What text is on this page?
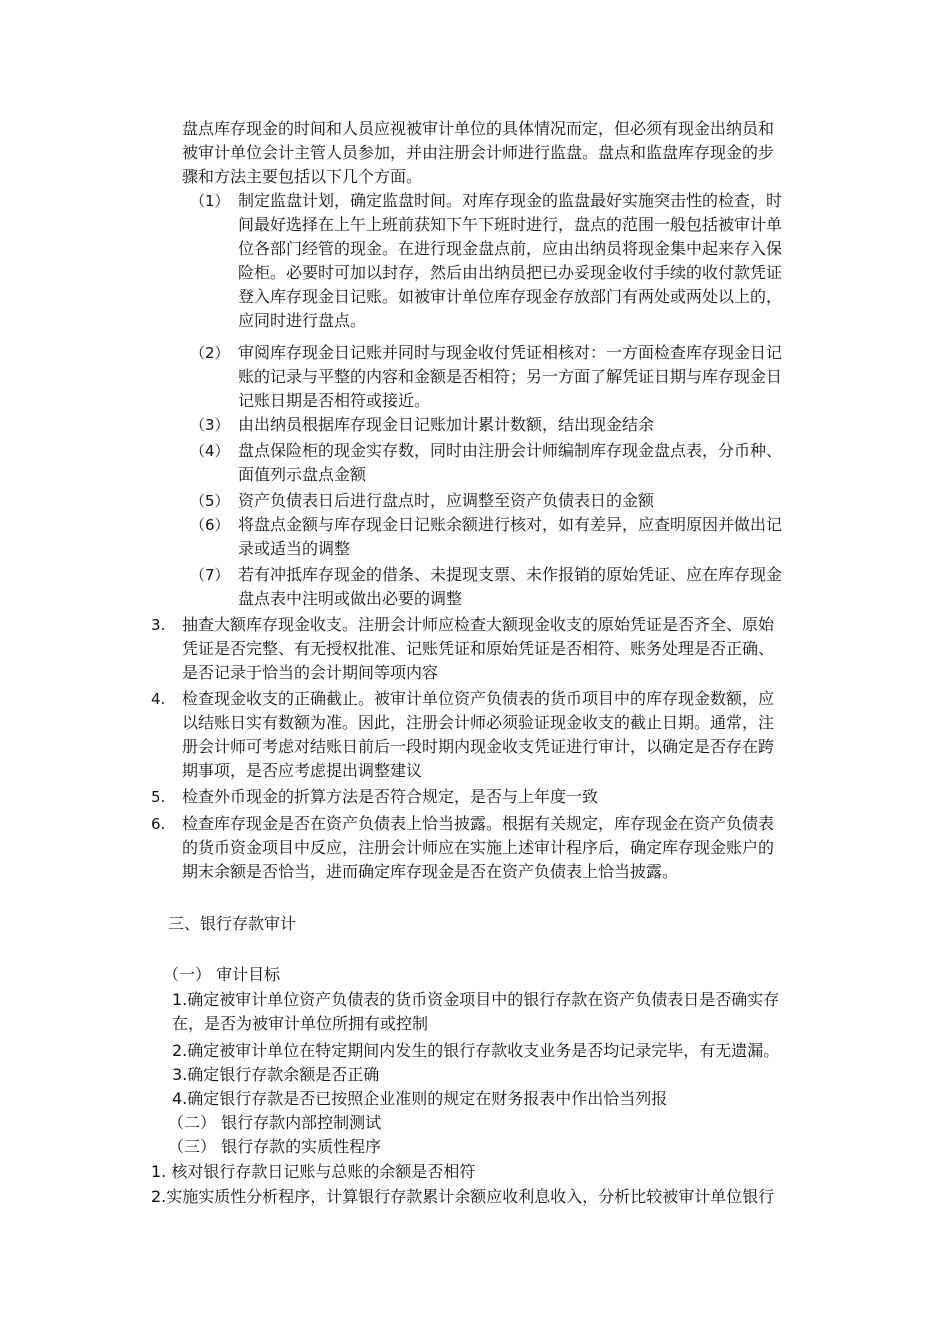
盘点库存现金的时间和人员应视被审计单位的具体情况而定，但必须有现金出纳员和
被审计单位会计主管人员参加，并由注册会计师进行监盘。盘点和监盘库存现金的步
骤和方法主要包括以下几个方面。
（1） 制定监盘计划，确定监盘时间。对库存现金的监盘最好实施突击性的检查，时
间最好选择在上午上班前获知下午下班时进行，盘点的范围一般包括被审计单
位各部门经管的现金。在进行现金盘点前，应由出纳员将现金集中起来存入保
险柜。必要时可加以封存，然后由出纳员把已办妥现金收付手续的收付款凭证
登入库存现金日记账。如被审计单位库存现金存放部门有两处或两处以上的，
应同时进行盘点。
（2） 审阅库存现金日记账并同时与现金收付凭证相核对：一方面检查库存现金日记
账的记录与平整的内容和金额是否相符；另一方面了解凭证日期与库存现金日
记账日期是否相符或接近。
（3） 由出纳员根据库存现金日记账加计累计数额，结出现金结余
（4） 盘点保险柜的现金实存数，同时由注册会计师编制库存现金盘点表，分币种、
面值列示盘点金额
（5） 资产负债表日后进行盘点时，应调整至资产负债表日的金额
（6） 将盘点金额与库存现金日记账余额进行核对，如有差异，应查明原因并做出记
录或适当的调整
（7） 若有冲抵库存现金的借条、未提现支票、未作报销的原始凭证、应在库存现金
盘点表中注明或做出必要的调整
3. 抽查大额库存现金收支。注册会计师应检查大额现金收支的原始凭证是否齐全、原始
凭证是否完整、有无授权批准、记账凭证和原始凭证是否相符、账务处理是否正确、
是否记录于恰当的会计期间等项内容
4. 检查现金收支的正确截止。被审计单位资产负债表的货币项目中的库存现金数额，应
以结账日实有数额为准。因此，注册会计师必须验证现金收支的截止日期。通常，注
册会计师可考虑对结账日前后一段时期内现金收支凭证进行审计，以确定是否存在跨
期事项，是否应考虑提出调整建议
5. 检查外币现金的折算方法是否符合规定，是否与上年度一致
6. 检查库存现金是否在资产负债表上恰当披露。根据有关规定，库存现金在资产负债表
的货币资金项目中反应，注册会计师应在实施上述审计程序后，确定库存现金账户的
期末余额是否恰当，进而确定库存现金是否在资产负债表上恰当披露。
三、银行存款审计
（一） 审计目标
1.确定被审计单位资产负债表的货币资金项目中的银行存款在资产负债表日是否确实存
在，是否为被审计单位所拥有或控制
2.确定被审计单位在特定期间内发生的银行存款收支业务是否均记录完毕，有无遗漏。
3.确定银行存款余额是否正确
4.确定银行存款是否已按照企业准则的规定在财务报表中作出恰当列报
（二） 银行存款内部控制测试
（三） 银行存款的实质性程序
1. 核对银行存款日记账与总账的余额是否相符
2.实施实质性分析程序，计算银行存款累计余额应收利息收入，分析比较被审计单位银行
